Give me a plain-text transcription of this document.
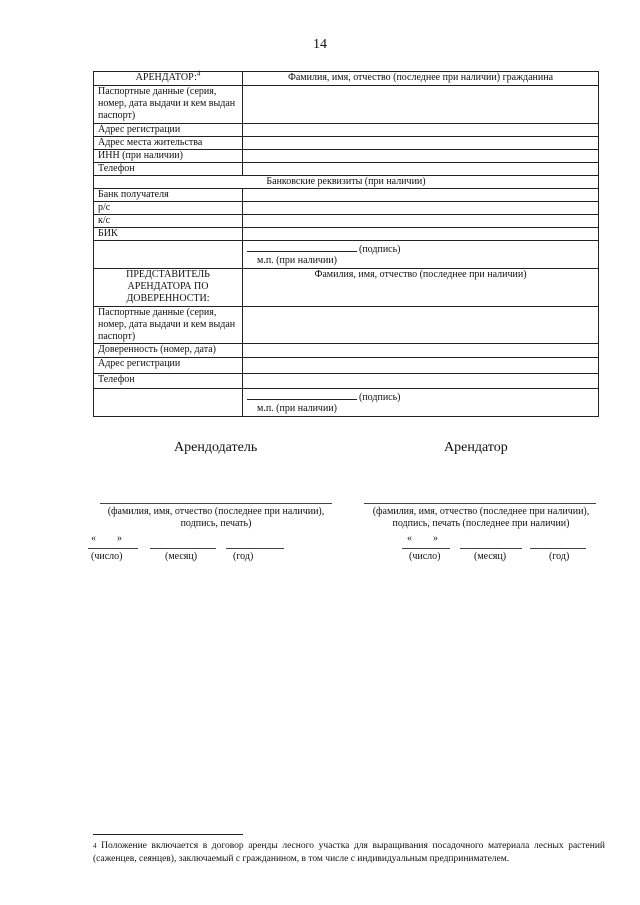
14
АРЕНДАТОР:$^4$	Фамилия, имя, отчество (последнее при наличии) гражданина
Паспортные данные (серия, номер, дата выдачи и кем выдан паспорт)	
Адрес регистрации	
Адрес места жительства	
ИНН (при наличии)	
Телефон	
Банковские реквизиты (при наличии)	
Банк получателя	
р/с	
к/с	
БИК	

	(подпись)
м.п. (при наличии)

ПРЕДСТАВИТЕЛЬ АРЕНДАТОРА ПО ДОВЕРЕННОСТИ:	Фамилия, имя, отчество (последнее при наличии)
Паспортные данные (серия, номер, дата выдачи и кем выдан паспорт)	
Доверенность (номер, дата)	
Адрес регистрации	
Телефон	

	(подпись)
м.п. (при наличии)
Арендодатель	Арендатор
(фамилия, имя, отчество (последнее при наличии), подпись, печать)
(фамилия, имя, отчество (последнее при наличии), подпись, печать (последнее при наличии)
« »
(число)	(месяц)	(год)
« »
(число)	(месяц)	(год)
$^4$ Положение включается в договор аренды лесного участка для выращивания посадочного материала лесных растений (саженцев, сеянцев), заключаемый с гражданином, в том числе с индивидуальным предпринимателем.
